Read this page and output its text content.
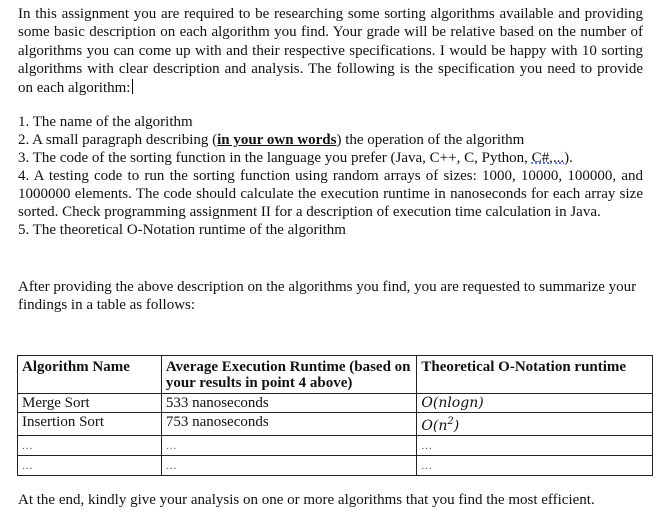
In this assignment you are required to be researching some sorting algorithms available and providing some basic description on each algorithm you find. Your grade will be relative based on the number of algorithms you can come up with and their respective specifications. I would be happy with 10 sorting algorithms with clear description and analysis. The following is the specification you need to provide on each algorithm:

1. The name of the algorithm
2. A small paragraph describing (in your own words) the operation of the algorithm
3. The code of the sorting function in the language you prefer (Java, C++, C, Python, C#,...).
4. A testing code to run the sorting function using random arrays of sizes: 1000, 10000, 100000, and 1000000 elements. The code should calculate the execution runtime in nanoseconds for each array size sorted. Check programming assignment II for a description of execution time calculation in Java.
5. The theoretical O-Notation runtime of the algorithm
After providing the above description on the algorithms you find, you are requested to summarize your findings in a table as follows:
Algorithm Name	Average Execution Runtime (based on your results in point 4 above)	Theoretical O-Notation runtime
Merge Sort	533 nanoseconds	O(nlogn)
Insertion Sort	753 nanoseconds	$O(n^2)$
...	...	...
...	...	...
At the end, kindly give your analysis on one or more algorithms that you find the most efficient.
